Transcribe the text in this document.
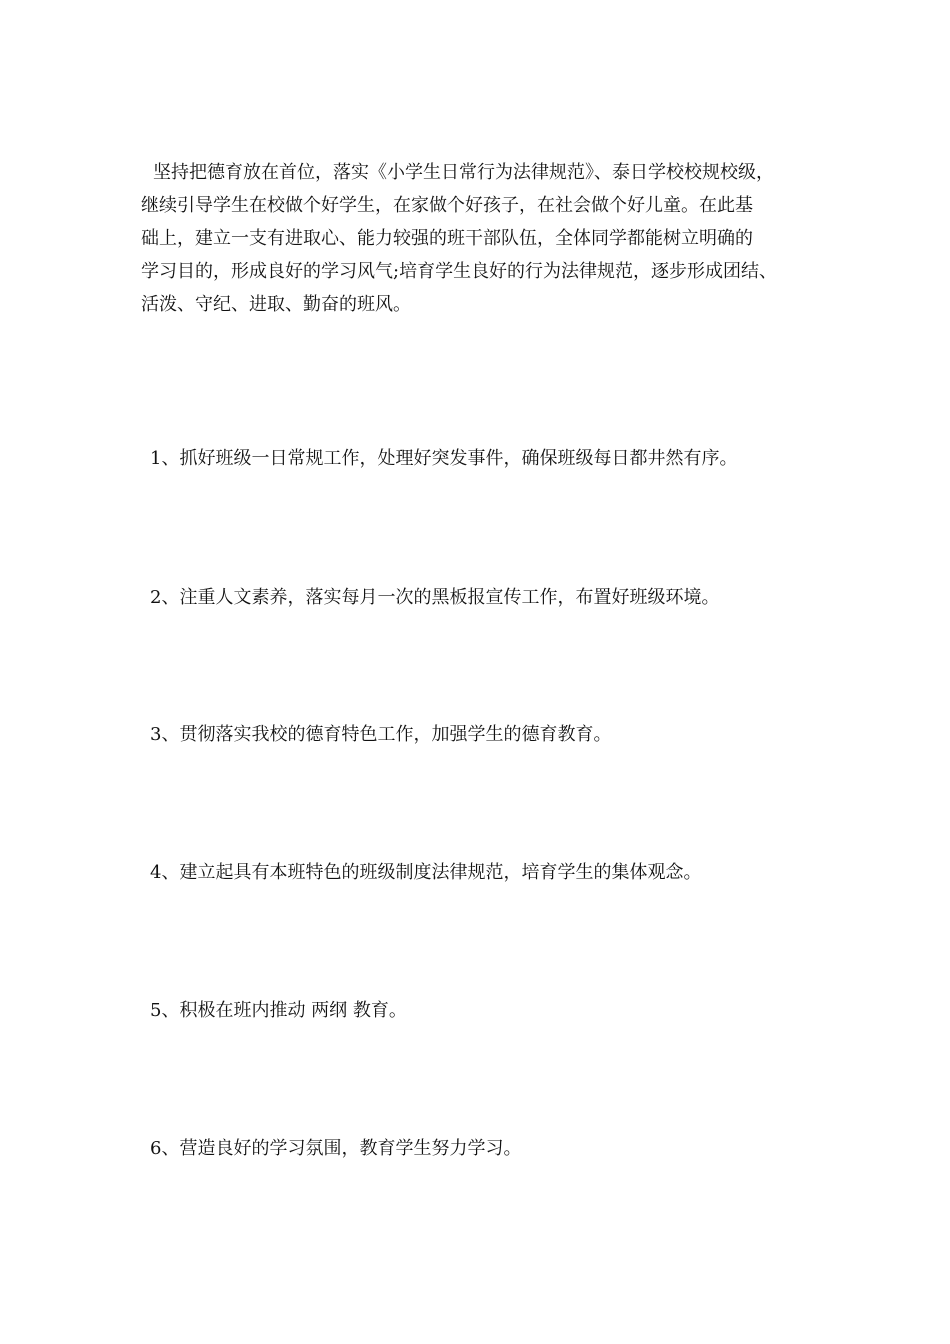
坚持把德育放在首位，落实《小学生日常行为法律规范》、泰日学校校规校级，
继续引导学生在校做个好学生，在家做个好孩子，在社会做个好儿童。在此基
础上，建立一支有进取心、能力较强的班干部队伍，全体同学都能树立明确的
学习目的，形成良好的学习风气;培育学生良好的行为法律规范，逐步形成团结、
活泼、守纪、进取、勤奋的班风。

1、抓好班级一日常规工作，处理好突发事件，确保班级每日都井然有序。

2、注重人文素养，落实每月一次的黑板报宣传工作，布置好班级环境。

3、贯彻落实我校的德育特色工作，加强学生的德育教育。

4、建立起具有本班特色的班级制度法律规范，培育学生的集体观念。

5、积极在班内推动 两纲 教育。

6、营造良好的学习氛围，教育学生努力学习。
